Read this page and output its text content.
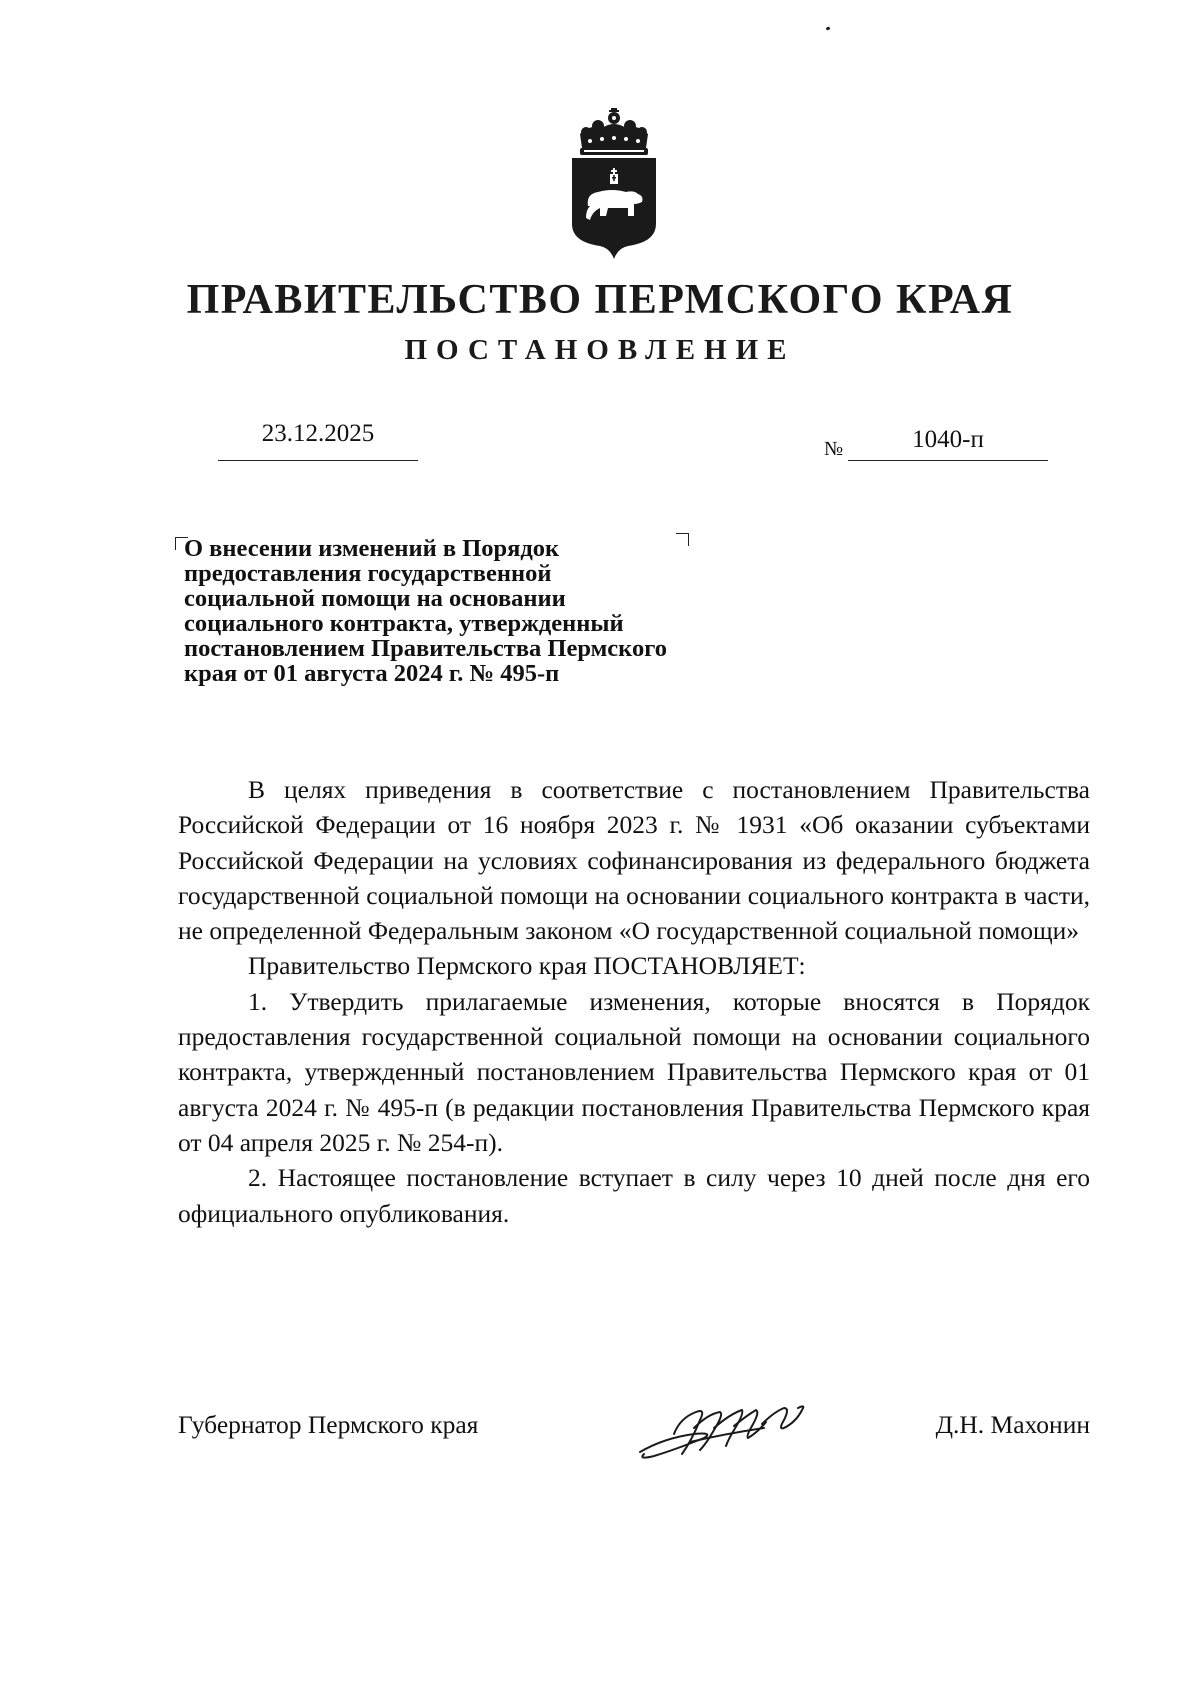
ПРАВИТЕЛЬСТВО ПЕРМСКОГО КРАЯ
ПОСТАНОВЛЕНИЕ
23.12.2025
№	1040-п
О внесении изменений в Порядок
предоставления государственной
социальной помощи на основании
социального контракта, утвержденный
постановлением Правительства Пермского
края от 01 августа 2024 г. № 495-п

В целях приведения в соответствие с постановлением Правительства Российской Федерации от 16 ноября 2023 г. № 1931 «Об оказании субъектами Российской Федерации на условиях софинансирования из федерального бюджета государственной социальной помощи на основании социального контракта в части, не определенной Федеральным законом «О государственной социальной помощи»

Правительство Пермского края ПОСТАНОВЛЯЕТ:

1. Утвердить прилагаемые изменения, которые вносятся в Порядок предоставления государственной социальной помощи на основании социального контракта, утвержденный постановлением Правительства Пермского края от 01 августа 2024 г. № 495-п (в редакции постановления Правительства Пермского края от 04 апреля 2025 г. № 254-п).

2. Настоящее постановление вступает в силу через 10 дней после дня его официального опубликования.

Губернатор Пермского края	Д.Н. Махонин
